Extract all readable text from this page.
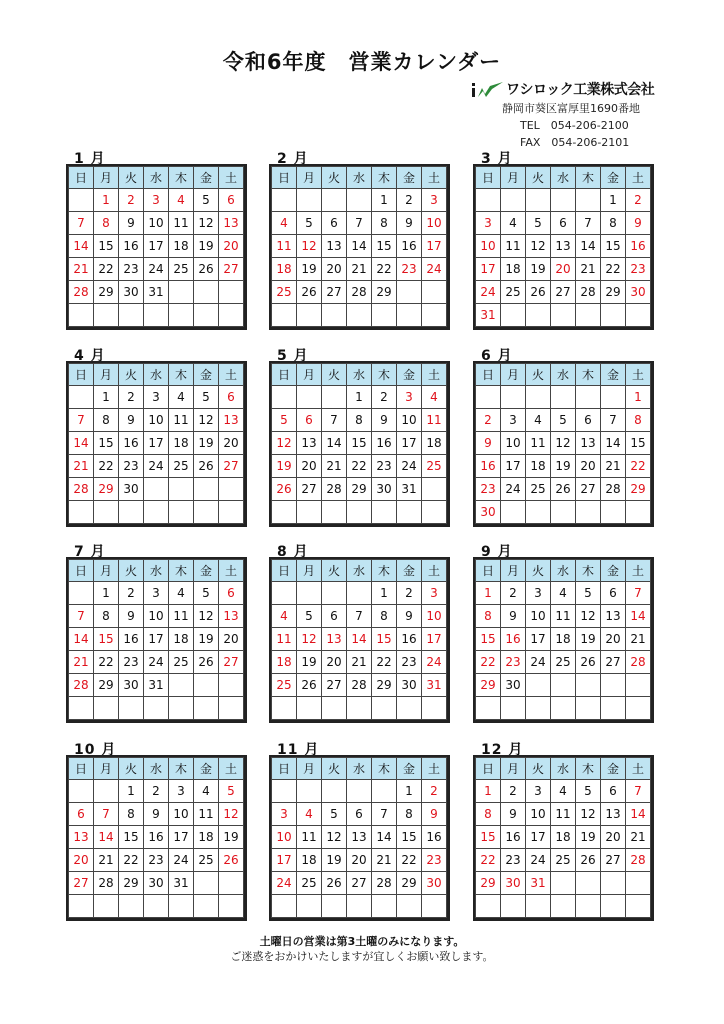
令和6年度　営業カレンダー
ワシロック工業株式会社
静岡市葵区富厚里1690番地
TEL　054-206-2100
FAX　054-206-2101
1 月
日	月	火	水	木	金	土
	1	2	3	4	5	6
7	8	9	10	11	12	13
14	15	16	17	18	19	20
21	22	23	24	25	26	27
28	29	30	31			

2 月
日	月	火	水	木	金	土
				1	2	3
4	5	6	7	8	9	10
11	12	13	14	15	16	17
18	19	20	21	22	23	24
25	26	27	28	29		

3 月
日	月	火	水	木	金	土
					1	2
3	4	5	6	7	8	9
10	11	12	13	14	15	16
17	18	19	20	21	22	23
24	25	26	27	28	29	30
31						
4 月
日	月	火	水	木	金	土
	1	2	3	4	5	6
7	8	9	10	11	12	13
14	15	16	17	18	19	20
21	22	23	24	25	26	27
28	29	30				

5 月
日	月	火	水	木	金	土
			1	2	3	4
5	6	7	8	9	10	11
12	13	14	15	16	17	18
19	20	21	22	23	24	25
26	27	28	29	30	31	

6 月
日	月	火	水	木	金	土
						1
2	3	4	5	6	7	8
9	10	11	12	13	14	15
16	17	18	19	20	21	22
23	24	25	26	27	28	29
30						
7 月
日	月	火	水	木	金	土
	1	2	3	4	5	6
7	8	9	10	11	12	13
14	15	16	17	18	19	20
21	22	23	24	25	26	27
28	29	30	31			

8 月
日	月	火	水	木	金	土
				1	2	3
4	5	6	7	8	9	10
11	12	13	14	15	16	17
18	19	20	21	22	23	24
25	26	27	28	29	30	31

9 月
日	月	火	水	木	金	土
1	2	3	4	5	6	7
8	9	10	11	12	13	14
15	16	17	18	19	20	21
22	23	24	25	26	27	28
29	30					

10 月
日	月	火	水	木	金	土
		1	2	3	4	5
6	7	8	9	10	11	12
13	14	15	16	17	18	19
20	21	22	23	24	25	26
27	28	29	30	31		

11 月
日	月	火	水	木	金	土
					1	2
3	4	5	6	7	8	9
10	11	12	13	14	15	16
17	18	19	20	21	22	23
24	25	26	27	28	29	30

12 月
日	月	火	水	木	金	土
1	2	3	4	5	6	7
8	9	10	11	12	13	14
15	16	17	18	19	20	21
22	23	24	25	26	27	28
29	30	31				

土曜日の営業は第3土曜のみになります。
ご迷惑をおかけいたしますが宜しくお願い致します。
